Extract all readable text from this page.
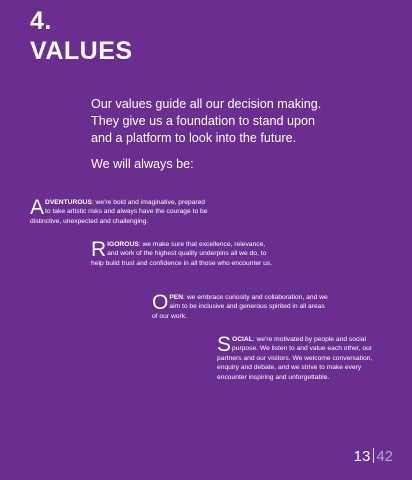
4.
VALUES
Our values guide all our decision making. They give us a foundation to stand upon and a platform to look into the future.
We will always be:
ADVENTUROUS: we're bold and imaginative, prepared to take artistic risks and always have the courage to be distinctive, unexpected and challenging.
RIGOROUS: we make sure that excellence, relevance, and work of the highest quality underpins all we do, to help build trust and confidence in all those who encounter us.
OPEN: we embrace curiosity and collaboration, and we aim to be inclusive and generous spirited in all areas of our work.
SOCIAL: we're motivated by people and social purpose. We listen to and value each other, our partners and our visitors. We welcome conversation, enquiry and debate, and we strive to make every encounter inspiring and unforgettable.
13 42
